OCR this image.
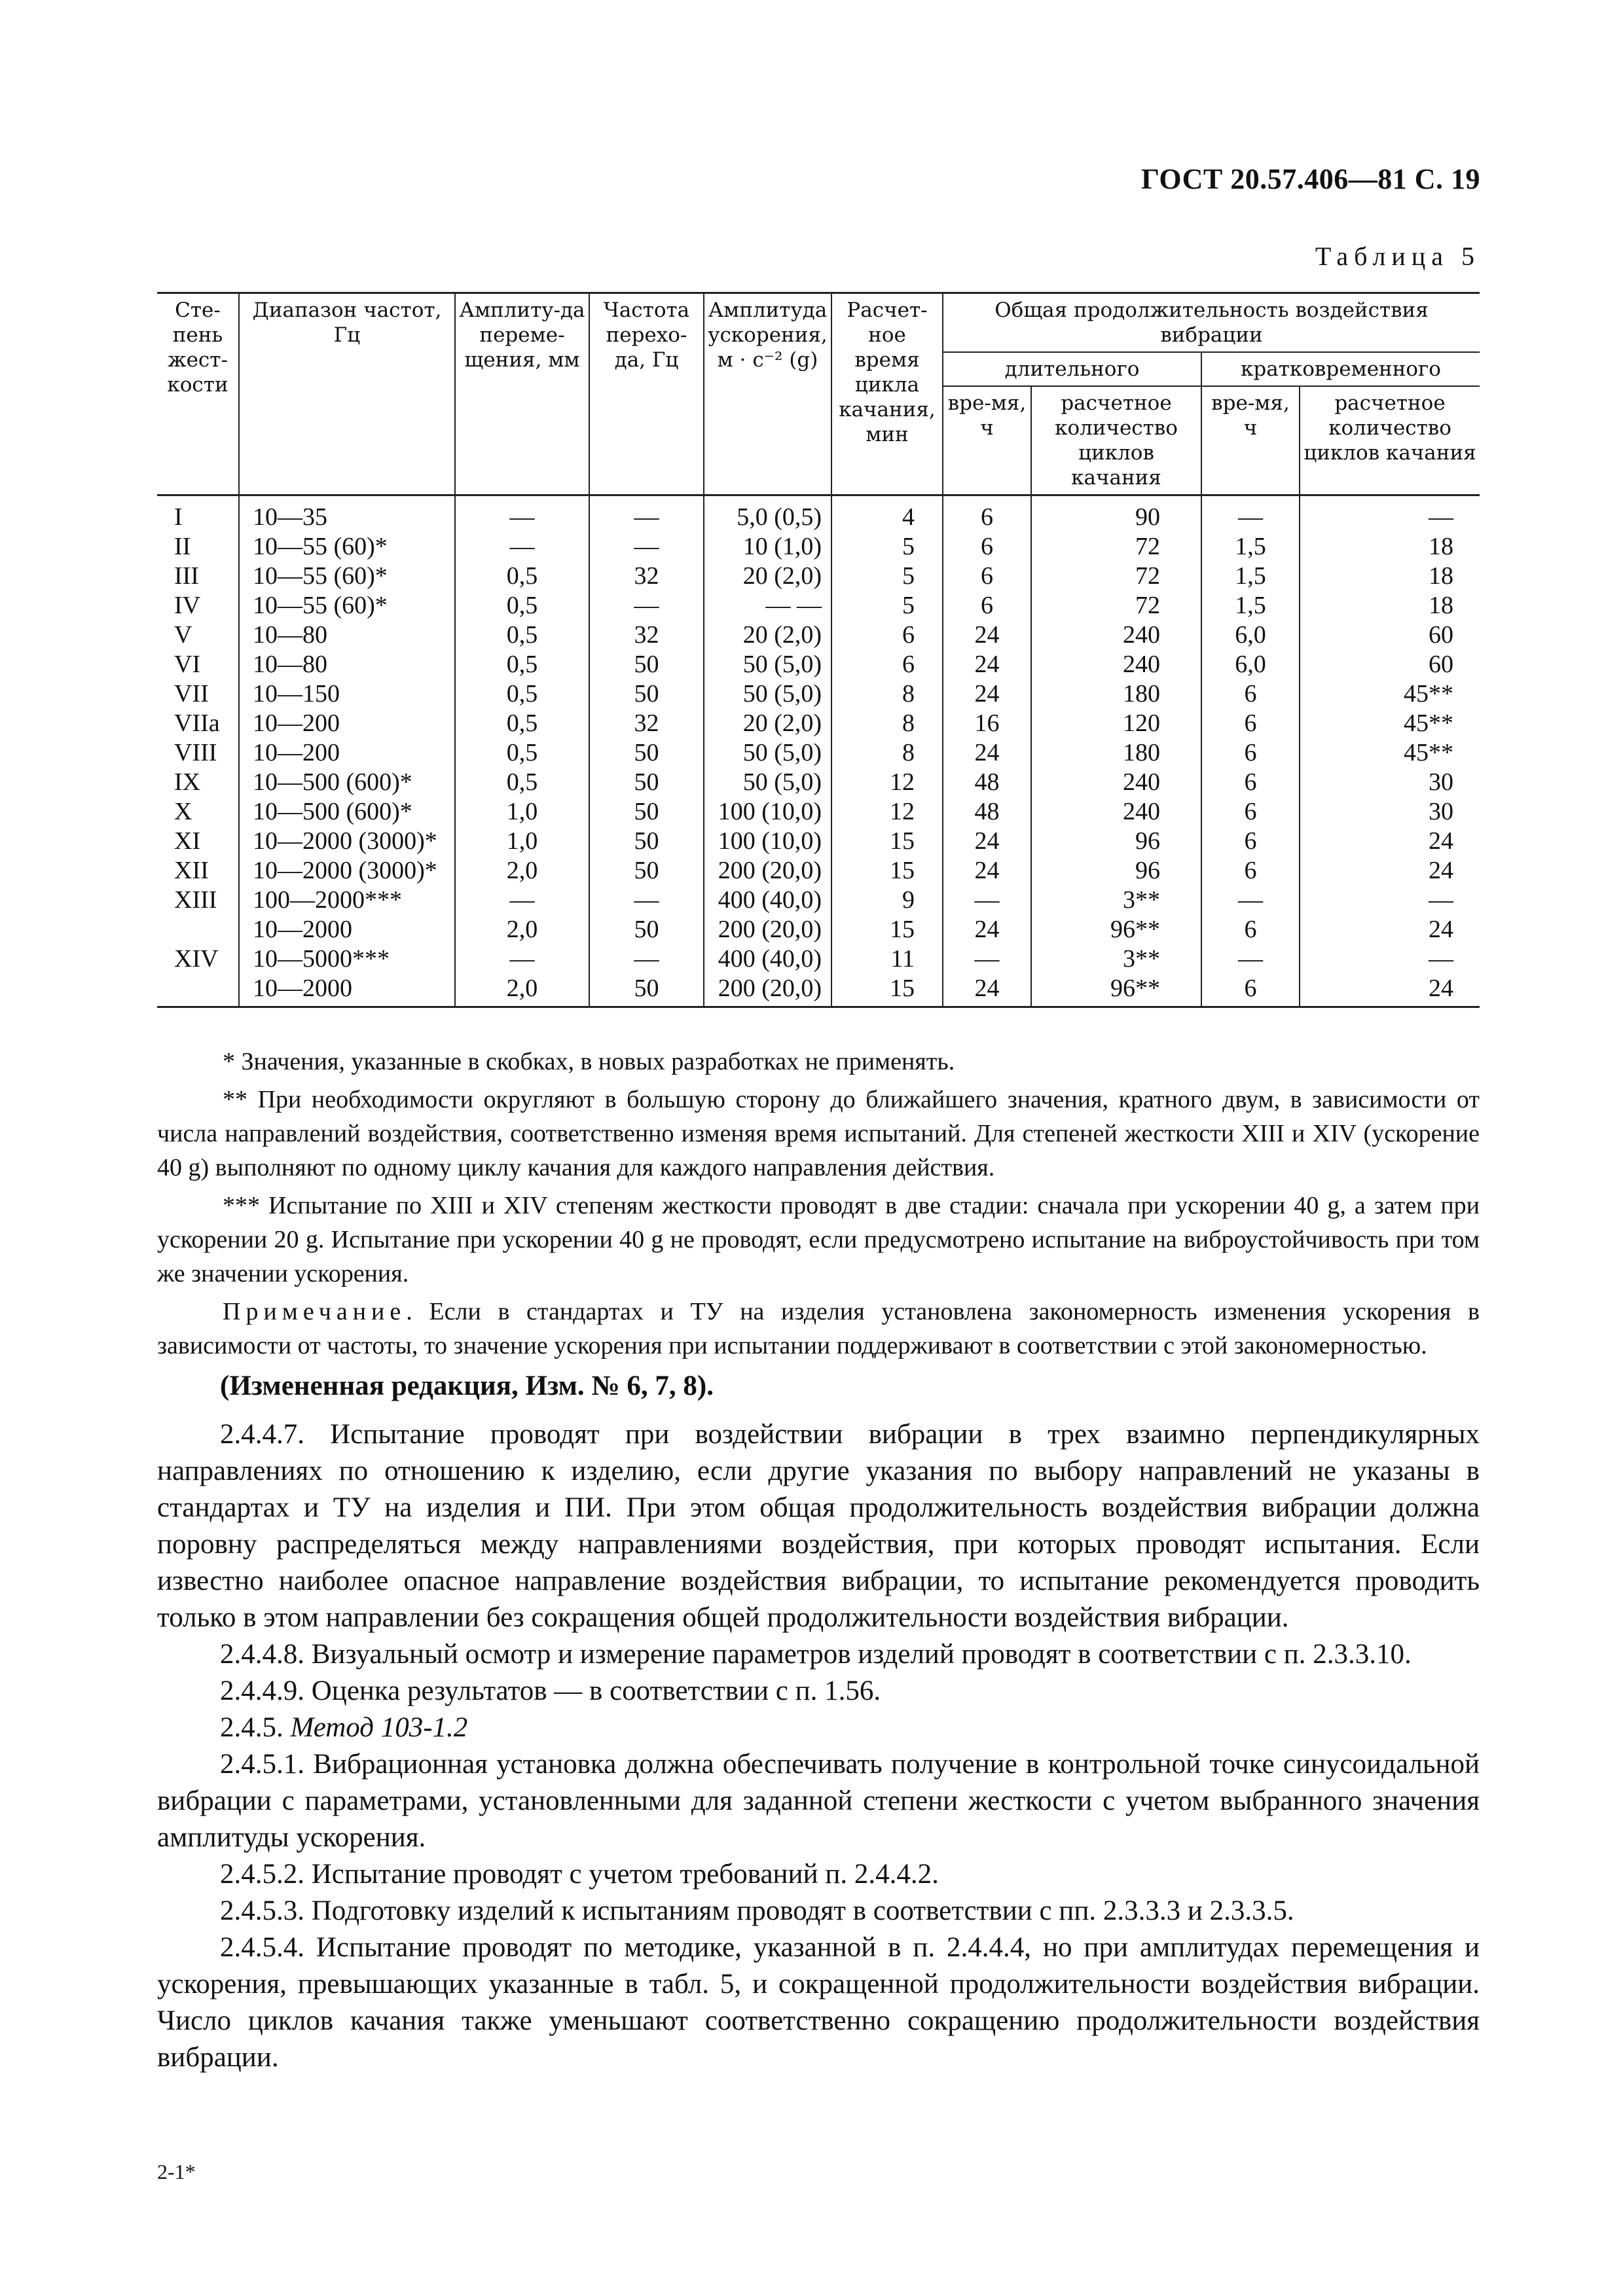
ГОСТ 20.57.406—81 С. 19
Таблица 5
Сте-пень жест-кости	Диапазон частот, Гц	Амплиту-да переме-щения, мм	Частота перехо-да, Гц	Амплитуда ускорения, м · с⁻² (g)	Расчет-ное время цикла качания, мин	Общая продолжительность воздействия вибрации			
						длительного		кратковременного	
						вре-мя, ч	расчетное количество циклов качания	вре-мя, ч	расчетное количество циклов качания
I	10—35	—	—	5,0 (0,5)	4	6	90	—	—
II	10—55 (60)*	—	—	10 (1,0)	5	6	72	1,5	18
III	10—55 (60)*	0,5	32	20 (2,0)	5	6	72	1,5	18
IV	10—55 (60)*	0,5	—	— —	5	6	72	1,5	18
V	10—80	0,5	32	20 (2,0)	6	24	240	6,0	60
VI	10—80	0,5	50	50 (5,0)	6	24	240	6,0	60
VII	10—150	0,5	50	50 (5,0)	8	24	180	6	45**
VIIa	10—200	0,5	32	20 (2,0)	8	16	120	6	45**
VIII	10—200	0,5	50	50 (5,0)	8	24	180	6	45**
IX	10—500 (600)*	0,5	50	50 (5,0)	12	48	240	6	30
X	10—500 (600)*	1,0	50	100 (10,0)	12	48	240	6	30
XI	10—2000 (3000)*	1,0	50	100 (10,0)	15	24	96	6	24
XII	10—2000 (3000)*	2,0	50	200 (20,0)	15	24	96	6	24
XIII	100—2000***	—	—	400 (40,0)	9	—	3**	—	—
	10—2000	2,0	50	200 (20,0)	15	24	96**	6	24
XIV	10—5000***	—	—	400 (40,0)	11	—	3**	—	—
	10—2000	2,0	50	200 (20,0)	15	24	96**	6	24

* Значения, указанные в скобках, в новых разработках не применять.

** При необходимости округляют в большую сторону до ближайшего значения, кратного двум, в зависимости от числа направлений воздействия, соответственно изменяя время испытаний. Для степеней жесткости XIII и XIV (ускорение 40 g) выполняют по одному циклу качания для каждого направления действия.

*** Испытание по XIII и XIV степеням жесткости проводят в две стадии: сначала при ускорении 40 g, а затем при ускорении 20 g. Испытание при ускорении 40 g не проводят, если предусмотрено испытание на виброустойчивость при том же значении ускорения.

Примечание. Если в стандартах и ТУ на изделия установлена закономерность изменения ускорения в зависимости от частоты, то значение ускорения при испытании поддерживают в соответствии с этой закономерностью.

(Измененная редакция, Изм. № 6, 7, 8).

2.4.4.7. Испытание проводят при воздействии вибрации в трех взаимно перпендикулярных направлениях по отношению к изделию, если другие указания по выбору направлений не указаны в стандартах и ТУ на изделия и ПИ. При этом общая продолжительность воздействия вибрации должна поровну распределяться между направлениями воздействия, при которых проводят испытания. Если известно наиболее опасное направление воздействия вибрации, то испытание рекомендуется проводить только в этом направлении без сокращения общей продолжительности воздействия вибрации.

2.4.4.8. Визуальный осмотр и измерение параметров изделий проводят в соответствии с п. 2.3.3.10.

2.4.4.9. Оценка результатов — в соответствии с п. 1.56.

2.4.5. Метод 103-1.2

2.4.5.1. Вибрационная установка должна обеспечивать получение в контрольной точке синусоидальной вибрации с параметрами, установленными для заданной степени жесткости с учетом выбранного значения амплитуды ускорения.

2.4.5.2. Испытание проводят с учетом требований п. 2.4.4.2.

2.4.5.3. Подготовку изделий к испытаниям проводят в соответствии с пп. 2.3.3.3 и 2.3.3.5.

2.4.5.4. Испытание проводят по методике, указанной в п. 2.4.4.4, но при амплитудах перемещения и ускорения, превышающих указанные в табл. 5, и сокращенной продолжительности воздействия вибрации. Число циклов качания также уменьшают соответственно сокращению продолжительности воздействия вибрации.

2-1*
